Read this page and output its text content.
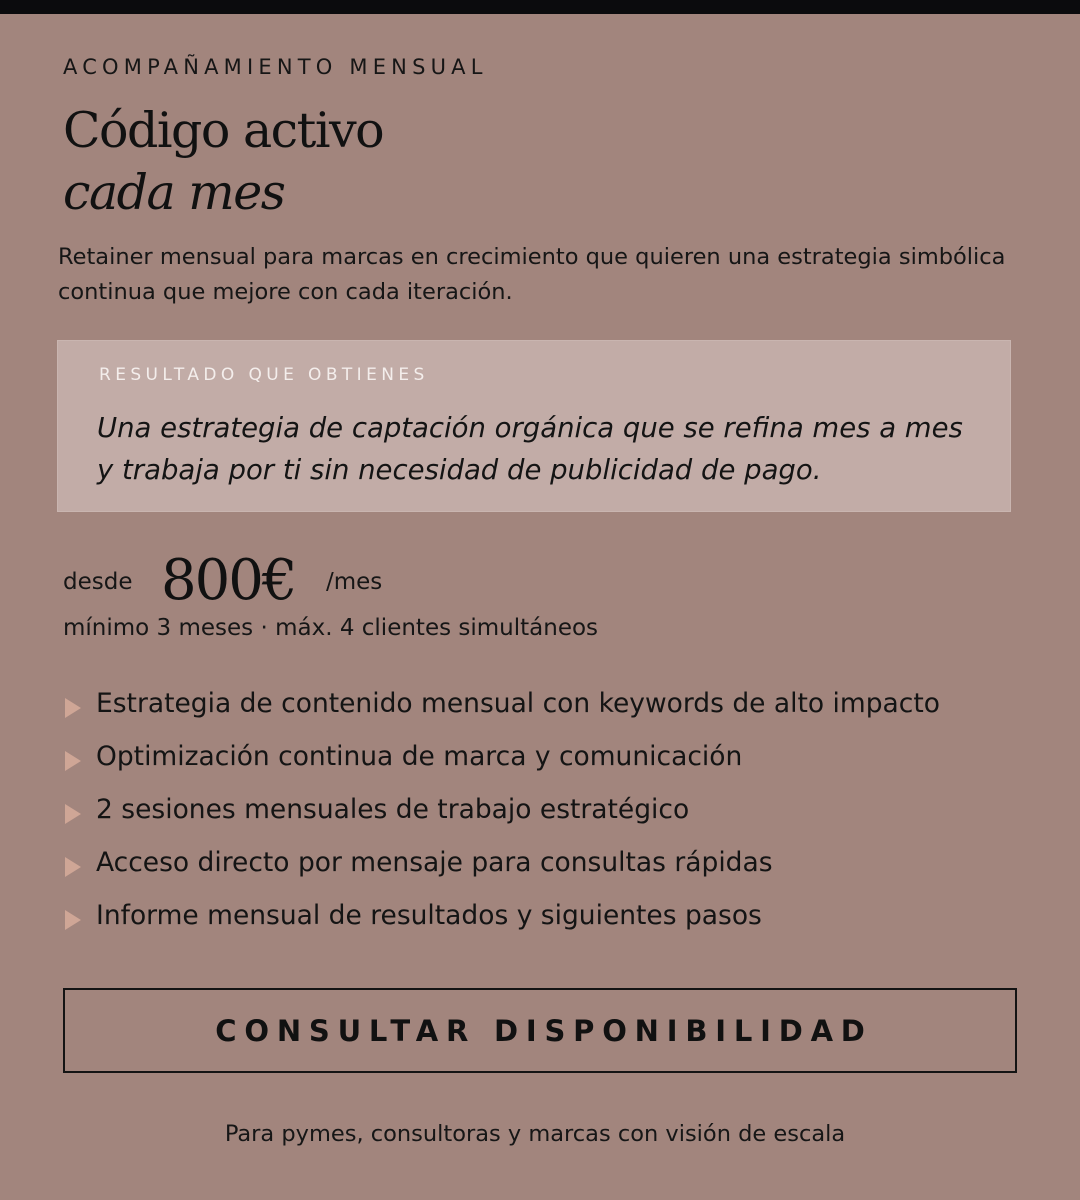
ACOMPAÑAMIENTO MENSUAL
Código activo
cada mes

Retainer mensual para marcas en crecimiento que quieren una estrategia simbólica continua que mejore con cada iteración.

RESULTADO QUE OBTIENES
Una estrategia de captación orgánica que se refina mes a mes y trabaja por ti sin necesidad de publicidad de pago.
desde 800€ /mes
mínimo 3 meses · máx. 4 clientes simultáneos
Estrategia de contenido mensual con keywords de alto impacto
Optimización continua de marca y comunicación
2 sesiones mensuales de trabajo estratégico
Acceso directo por mensaje para consultas rápidas
Informe mensual de resultados y siguientes pasos
CONSULTAR DISPONIBILIDAD
Para pymes, consultoras y marcas con visión de escala
